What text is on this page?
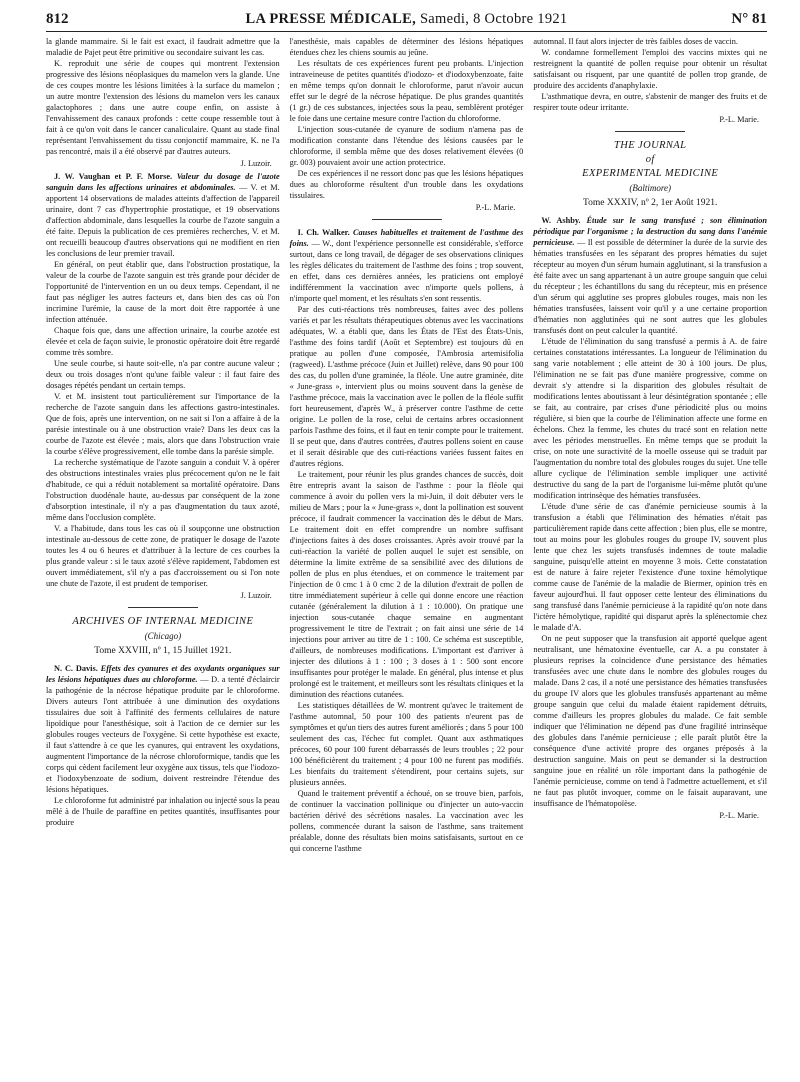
812	LA PRESSE MÉDICALE, Samedi, 8 Octobre 1921	N° 81

la glande mammaire. Si le fait est exact, il faudrait admettre que la maladie de Pajet peut être primitive ou secondaire suivant les cas.

K. reproduit une série de coupes qui montrent l'extension progressive des lésions néoplasiques du mamelon vers la glande. Une de ces coupes montre les lésions limitées à la surface du mamelon ; un autre montre l'extension des lésions du mamelon vers les canaux galactophores ; dans une autre coupe enfin, on assiste à l'envahissement des canaux profonds : cette coupe ressemble tout à fait à ce qu'on voit dans le cancer canaliculaire. Quant au stade final représentant l'envahissement du tissu conjonctif mammaire, K. ne l'a pas rencontré, mais il a été observé par d'autres auteurs.

J. Luzoir.

J. W. Vaughan et P. F. Morse. Valeur du dosage de l'azote sanguin dans les affections urinaires et abdominales. — V. et M. apportent 14 observations de malades atteints d'affection de l'appareil urinaire, dont 7 cas d'hypertrophie prostatique, et 19 observations d'affection abdominale, dans lesquelles la courbe de l'azote sanguin a été faite. Depuis la publication de ces premières recherches, V. et M. ont recueilli beaucoup d'autres observations qui ne modifient en rien les conclusions de leur premier travail.

En général, on peut établir que, dans l'obstruction prostatique, la valeur de la courbe de l'azote sanguin est très grande pour décider de l'opportunité de l'intervention en un ou deux temps. Cependant, il ne faut pas négliger les autres facteurs et, dans bien des cas où l'on incrimine l'urémie, la cause de la mort doit être rapportée à une infection atténuée.

Chaque fois que, dans une affection urinaire, la courbe azotée est élevée et cela de façon suivie, le pronostic opératoire doit être regardé comme très sombre.

Une seule courbe, si haute soit-elle, n'a par contre aucune valeur ; deux ou trois dosages n'ont qu'une faible valeur : il faut faire des dosages répétés pendant un certain temps.

V. et M. insistent tout particulièrement sur l'importance de la recherche de l'azote sanguin dans les affections gastro-intestinales. Que de fois, après une intervention, on ne sait si l'on a affaire à de la parésie intestinale ou à une obstruction vraie? Dans les deux cas la courbe de l'azote est élevée ; mais, alors que dans l'obstruction vraie la courbe s'élève progressivement, elle tombe dans la parésie simple.

La recherche systématique de l'azote sanguin a conduit V. à opérer des obstructions intestinales vraies plus précocement qu'on ne le fait d'habitude, ce qui a réduit notablement sa mortalité opératoire. Dans l'obstruction duodénale haute, au-dessus par conséquent de la zone d'absorption intestinale, il n'y a pas d'augmentation du taux azoté, même dans l'occlusion complète.

V. a l'habitude, dans tous les cas où il soupçonne une obstruction intestinale au-dessous de cette zone, de pratiquer le dosage de l'azote toutes les 4 ou 6 heures et d'attribuer à la lecture de ces courbes la plus grande valeur : si le taux azoté s'élève rapidement, l'abdomen est ouvert immédiatement, s'il n'y a pas d'accroissement ou si l'on note une chute de l'azote, il est prudent de temporiser.

J. Luzoir.
ARCHIVES OF INTERNAL MEDICINE
(Chicago)
Tome XXVIII, nº 1, 15 Juillet 1921.

N. C. Davis. Effets des cyanures et des oxydants organiques sur les lésions hépatiques dues au chloroforme. — D. a tenté d'éclaircir la pathogénie de la nécrose hépatique produite par le chloroforme. Divers auteurs l'ont attribuée à une diminution des oxydations tissulaires due soit à l'affinité des ferments cellulaires de nature lipoïdique pour l'anesthésique, soit à l'action de ce dernier sur les globules rouges vecteurs de l'oxygène. Si cette hypothèse est exacte, il faut s'attendre à ce que les cyanures, qui entravent les oxydations, augmentent l'importance de la nécrose chloroformique, tandis que les corps qui cèdent facilement leur oxygène aux tissus, tels que l'iodozo- et l'iodoxybenzoate de sodium, doivent restreindre l'étendue des lésions hépatiques.

Le chloroforme fut administré par inhalation ou injecté sous la peau mêlé à de l'huile de paraffine en petites quantités, insuffisantes pour produire

l'anesthésie, mais capables de déterminer des lésions hépatiques étendues chez les chiens soumis au jeûne.

Les résultats de ces expériences furent peu probants. L'injection intraveineuse de petites quantités d'iodozo- et d'iodoxybenzoate, faite en même temps qu'on donnait le chloroforme, parut n'avoir aucun effet sur le degré de la nécrose hépatique. De plus grandes quantités (1 gr.) de ces substances, injectées sous la peau, semblèrent protéger le foie dans une certaine mesure contre l'action du chloroforme.

L'injection sous-cutanée de cyanure de sodium n'amena pas de modification constante dans l'étendue des lésions causées par le chloroforme, il sembla même que des doses relativement élevées (0 gr. 003) pouvaient avoir une action protectrice.

De ces expériences il ne ressort donc pas que les lésions hépatiques dues au chloroforme résultent d'un trouble dans les oxydations tissulaires.

P.-L. Marie.

I. Ch. Walker. Causes habituelles et traitement de l'asthme des foins. — W., dont l'expérience personnelle est considérable, s'efforce surtout, dans ce long travail, de dégager de ses observations cliniques les règles délicates du traitement de l'asthme des foins ; trop souvent, en effet, dans ces dernières années, les praticiens ont employé indifféremment la vaccination avec n'importe quels pollens, à n'importe quel moment, et les résultats s'en sont ressentis.

Par des cuti-réactions très nombreuses, faites avec des pollens variés et par les résultats thérapeutiques obtenus avec les vaccinations adéquates, W. a établi que, dans les États de l'Est des États-Unis, l'asthme des foins tardif (Août et Septembre) est toujours dû en pratique au pollen d'une composée, l'Ambrosia artemisifolia (ragweed). L'asthme précoce (Juin et Juillet) relève, dans 90 pour 100 des cas, du pollen d'une graminée, la fléole. Une autre graminée, dite « June-grass », intervient plus ou moins souvent dans la genèse de l'asthme précoce, mais la vaccination avec le pollen de la fléole suffit fort heureusement, d'après W., à préserver contre l'asthme de cette origine. Le pollen de la rose, celui de certains arbres occasionnent parfois l'asthme des foins, et il faut en tenir compte pour le traitement. Il se peut que, dans d'autres contrées, d'autres pollens soient en cause et il serait désirable que des cuti-réactions variées fussent faites en d'autres régions.

Le traitement, pour réunir les plus grandes chances de succès, doit être entrepris avant la saison de l'asthme : pour la fléole qui commence à avoir du pollen vers la mi-Juin, il doit débuter vers le milieu de Mars ; pour la « June-grass », dont la pollination est souvent précoce, il faudrait commencer la vaccination dès le début de Mars. Le traitement doit en effet comprendre un nombre suffisant d'injections faites à des doses croissantes. Après avoir trouvé par la cuti-réaction la variété de pollen auquel le sujet est sensible, on détermine la limite extrême de sa sensibilité avec des dilutions de pollen de plus en plus étendues, et on commence le traitement par l'injection de 0 cmc 1 à 0 cmc 2 de la dilution d'extrait de pollen de titre immédiatement supérieur à celle qui donne encore une réaction cutanée (généralement la dilution à 1 : 10.000). On pratique une injection sous-cutanée chaque semaine en augmentant progressivement le titre de l'extrait ; on fait ainsi une série de 14 injections pour arriver au titre de 1 : 100. Ce schéma est susceptible, d'ailleurs, de nombreuses modifications. L'important est d'arriver à injecter des dilutions à 1 : 100 ; 3 doses à 1 : 500 sont encore insuffisantes pour protéger le malade. En général, plus intense et plus prolongé est le traitement, et meilleurs sont les résultats cliniques et la diminution des réactions cutanées.

Les statistiques détaillées de W. montrent qu'avec le traitement de l'asthme automnal, 50 pour 100 des patients n'eurent pas de symptômes et qu'un tiers des autres furent améliorés ; dans 5 pour 100 seulement des cas, l'échec fut complet. Quant aux asthmatiques précoces, 60 pour 100 furent débarrassés de leurs troubles ; 22 pour 100 bénéficièrent du traitement ; 4 pour 100 ne furent pas modifiés. Les bienfaits du traitement s'étendirent, pour certains sujets, sur plusieurs années.

Quand le traitement préventif a échoué, on se trouve bien, parfois, de continuer la vaccination pollinique ou d'injecter un auto-vaccin bactérien dérivé des sécrétions nasales. La vaccination avec les pollens, commencée durant la saison de l'asthme, sans traitement préalable, donne des résultats bien moins satisfaisants, surtout en ce qui concerne l'asthme

automnal. Il faut alors injecter de très faibles doses de vaccin.

W. condamne formellement l'emploi des vaccins mixtes qui ne restreignent la quantité de pollen requise pour obtenir un résultat satisfaisant ou risquent, par une quantité de pollen trop grande, de produire des accidents d'anaphylaxie.

L'asthmatique devra, en outre, s'abstenir de manger des fruits et de respirer toute odeur irritante.

P.-L. Marie.
THE JOURNAL
of
EXPERIMENTAL MEDICINE
(Baltimore)
Tome XXXIV, nº 2, 1er Août 1921.

W. Ashby. Étude sur le sang transfusé ; son élimination périodique par l'organisme ; la destruction du sang dans l'anémie pernicieuse. — Il est possible de déterminer la durée de la survie des hématies transfusées en les séparant des propres hématies du sujet récepteur au moyen d'un sérum humain agglutinant, si la transfusion a été faite avec un sang appartenant à un autre groupe sanguin que celui du récepteur ; les échantillons du sang du récepteur, mis en présence d'un sérum qui agglutine ses propres globules rouges, mais non les hématies transfusées, laissent voir qu'il y a une certaine proportion d'hématies non agglutinées qui ne sont autres que les globules transfusés dont on peut calculer la quantité.

L'étude de l'élimination du sang transfusé a permis à A. de faire certaines constatations intéressantes. La longueur de l'élimination du sang varie notablement ; elle atteint de 30 à 100 jours. De plus, l'élimination ne se fait pas d'une manière progressive, comme on devrait s'y attendre si la disparition des globules résultait de modifications lentes aboutissant à leur désintégration spontanée ; elle se fait, au contraire, par crises d'une périodicité plus ou moins régulière, si bien que la courbe de l'élimination affecte une forme en échelons. Chez la femme, les chutes du tracé sont en relation nette avec les périodes menstruelles. En même temps que se produit la crise, on note une suractivité de la moelle osseuse qui se traduit par l'augmentation du nombre total des globules rouges du sujet. Une telle allure cyclique de l'élimination semble impliquer une activité destructive du sang de la part de l'organisme lui-même plutôt qu'une modification intrinsèque des hématies transfusées.

L'étude d'une série de cas d'anémie pernicieuse soumis à la transfusion a établi que l'élimination des hématies n'était pas particulièrement rapide dans cette affection ; bien plus, elle se montre, tout au moins pour les globules rouges du groupe IV, souvent plus lente que chez les sujets transfusés indemnes de toute maladie sanguine, puisqu'elle atteint en moyenne 3 mois. Cette constatation est de nature à faire rejeter l'existence d'une toxine hémolytique comme cause de l'anémie de la maladie de Biermer, opinion très en faveur aujourd'hui. Il faut opposer cette lenteur des éliminations du sang transfusé dans l'anémie pernicieuse à la rapidité qu'on note dans l'ictère hémolytique, rapidité qui disparut après la splénectomie chez le malade d'A.

On ne peut supposer que la transfusion ait apporté quelque agent neutralisant, une hématoxine éventuelle, car A. a pu constater à plusieurs reprises la coïncidence d'une persistance des hématies transfusées avec une chute dans le nombre des globules rouges du malade. Dans 2 cas, il a noté une persistance des hématies transfusées du groupe IV alors que les globules transfusés appartenant au même groupe sanguin que celui du malade étaient rapidement détruits, comme d'ailleurs les propres globules du malade. Ce fait semble indiquer que l'élimination ne dépend pas d'une fragilité intrinsèque des globules dans l'anémie pernicieuse ; elle paraît plutôt être la conséquence d'une activité propre des organes préposés à la destruction sanguine. Mais on peut se demander si la destruction sanguine joue en réalité un rôle important dans la pathogénie de l'anémie pernicieuse, comme on tend à l'admettre actuellement, et s'il ne faut pas plutôt invoquer, comme on le faisait auparavant, une insuffisance de l'hématopoïèse.

P.-L. Marie.
